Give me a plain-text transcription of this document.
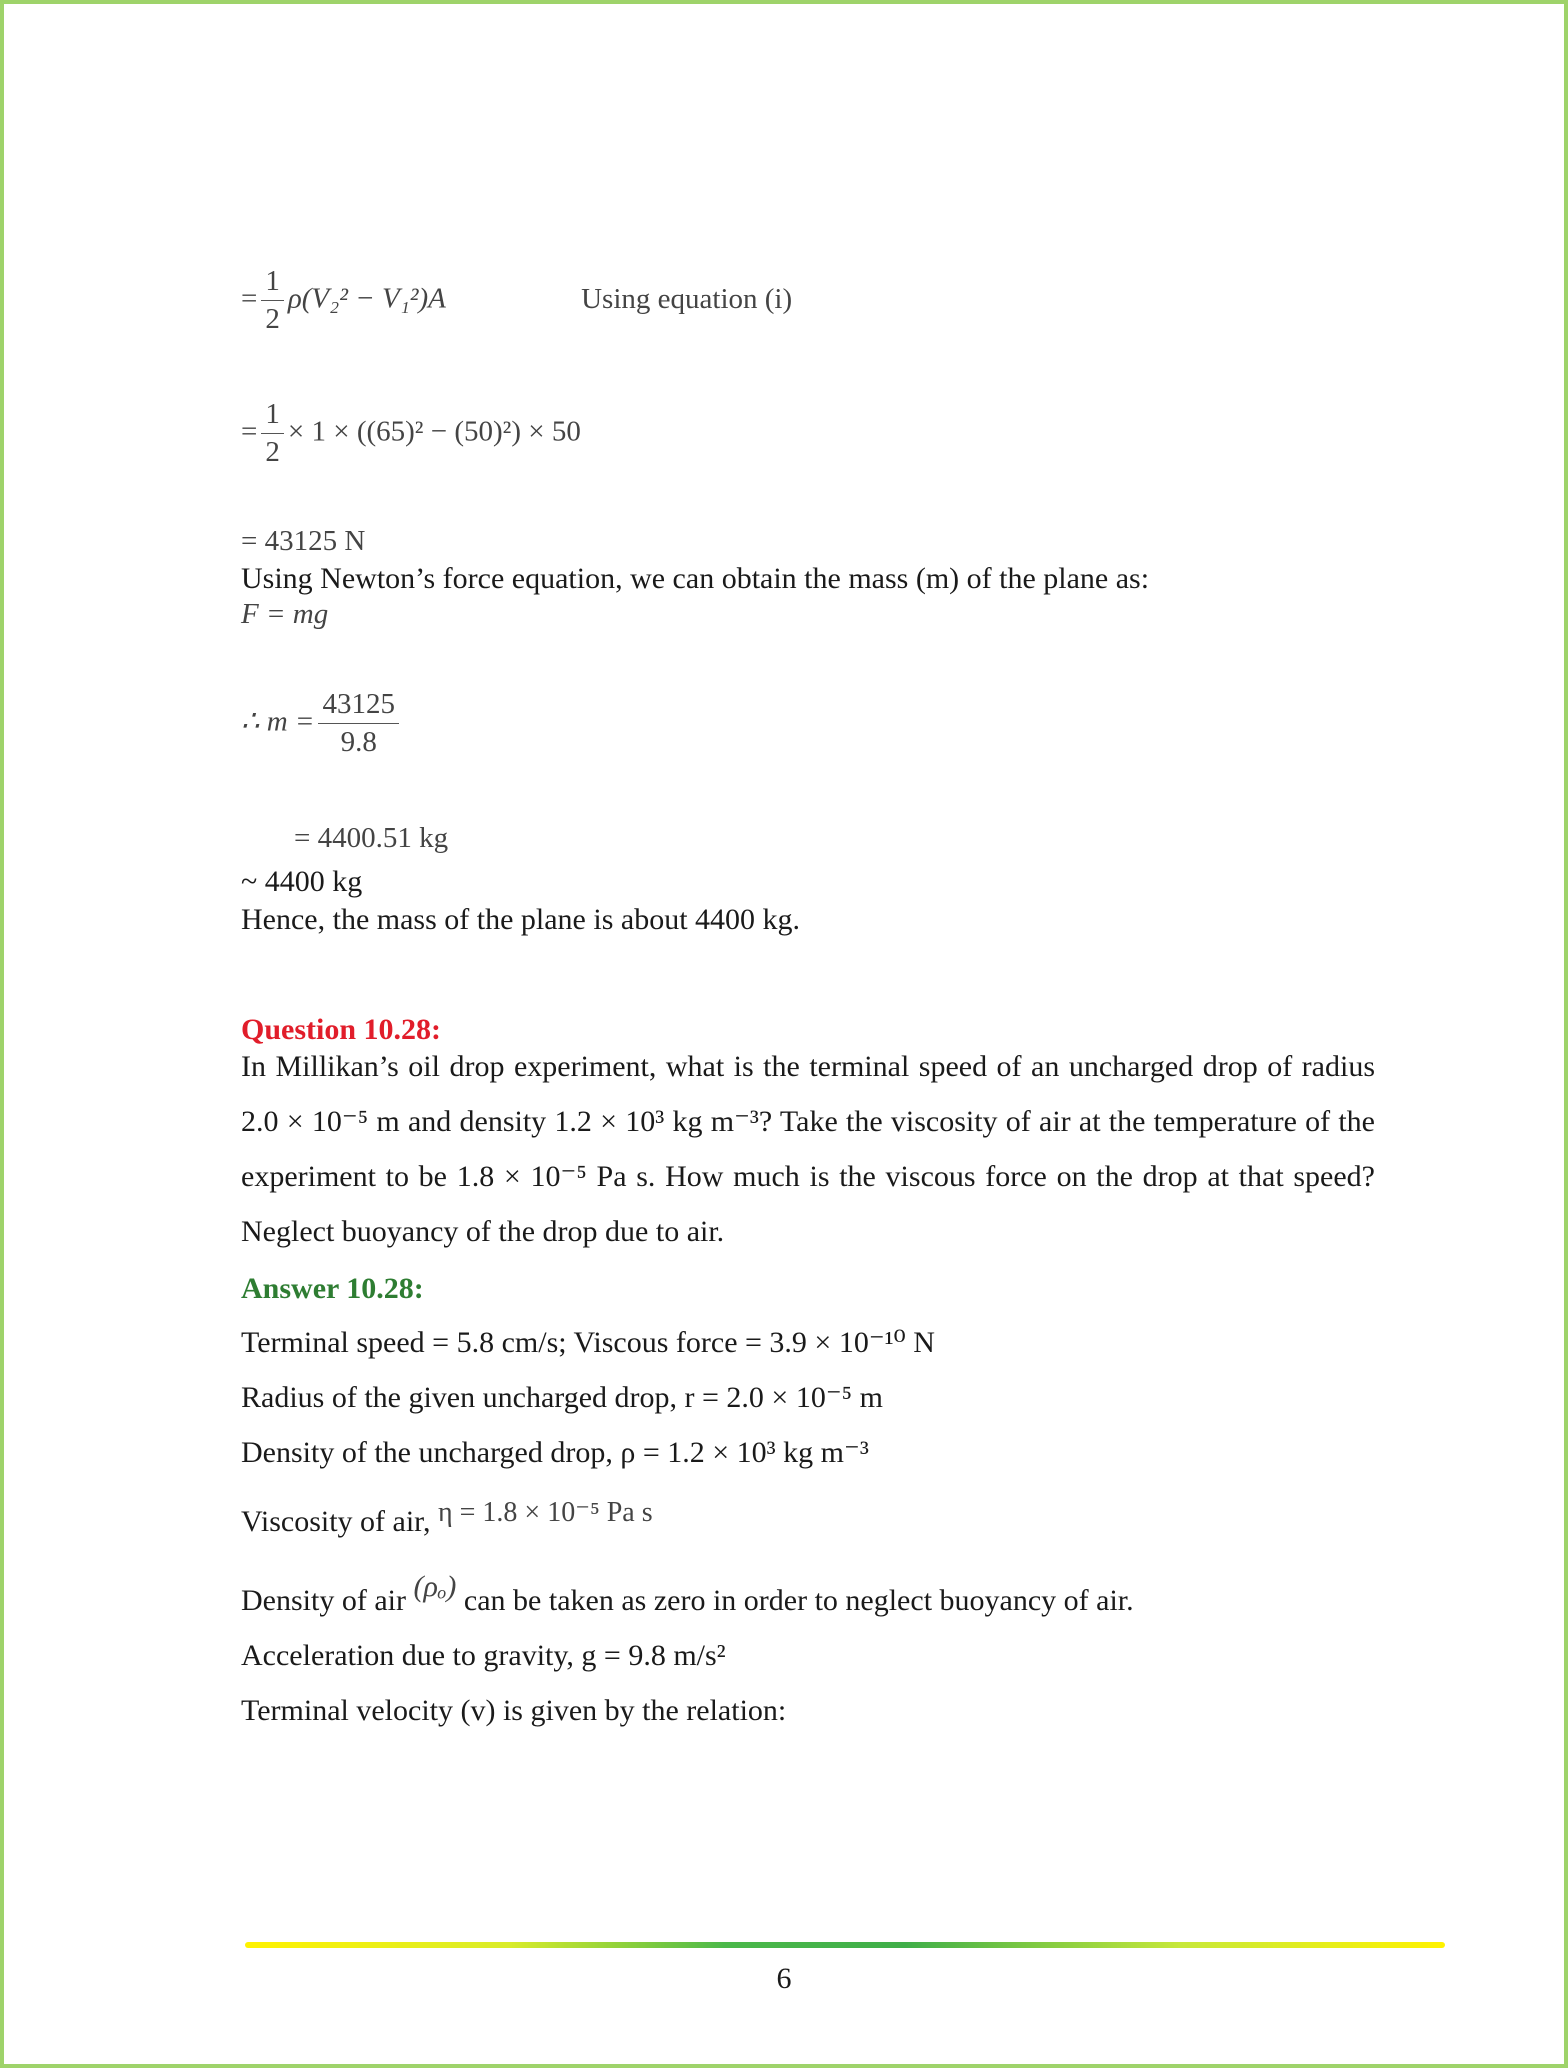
= $\frac{1}{2} \rho(V_2^2 - V_1^2)A$	Using equation (i)
= $\frac{1}{2} \times 1 \times ((65)^2 - (50)^2) \times 50$
= 43125 N
Using Newton’s force equation, we can obtain the mass (m) of the plane as:
F = mg
∴ $m = \frac{43125}{9.8}$
= 4400.51 kg
~ 4400 kg
Hence, the mass of the plane is about 4400 kg.
Question 10.28:
In Millikan’s oil drop experiment, what is the terminal speed of an uncharged drop of radius 2.0 × 10⁻⁵ m and density 1.2 × 10³ kg m⁻³? Take the viscosity of air at the temperature of the experiment to be 1.8 × 10⁻⁵ Pa s. How much is the viscous force on the drop at that speed? Neglect buoyancy of the drop due to air.
Answer 10.28:
Terminal speed = 5.8 cm/s; Viscous force = 3.9 × 10⁻¹⁰ N
Radius of the given uncharged drop, r = 2.0 × 10⁻⁵ m
Density of the uncharged drop, ρ = 1.2 × 10³ kg m⁻³
Viscosity of air, η = 1.8 × 10⁻⁵ Pa s
Density of air (ρₒ) can be taken as zero in order to neglect buoyancy of air.
Acceleration due to gravity, g = 9.8 m/s²
Terminal velocity (v) is given by the relation:
6
